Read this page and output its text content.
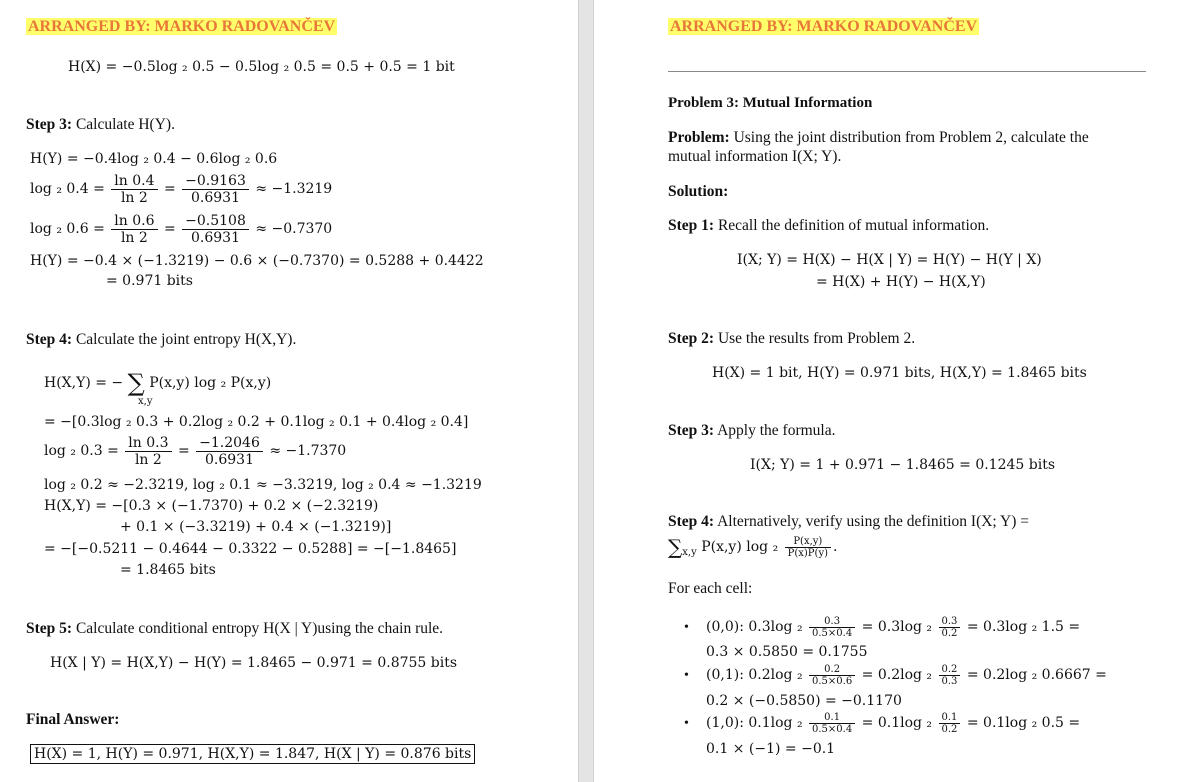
ARRANGED BY: MARKO RADOVANČEV
H(X) = −0.5log ₂ 0.5 − 0.5log ₂ 0.5 = 0.5 + 0.5 = 1 bit
Step 3: Calculate H(Y).
H(Y) = −0.4log ₂ 0.4 − 0.6log ₂ 0.6
log ₂ $0.4 = \frac{\ln 0.4}{\ln 2} = \frac{-0.9163}{0.6931} \approx -1.3219$
log ₂ $0.6 = \frac{\ln 0.6}{\ln 2} = \frac{-0.5108}{0.6931} \approx -0.7370$
H(Y) = −0.4 × (−1.3219) − 0.6 × (−0.7370) = 0.5288 + 0.4422
= 0.971 bits
Step 4: Calculate the joint entropy H(X,Y).
H(X,Y) = − ∑ P(x,y) log ₂ P(x,y)
x,y
= −[0.3log ₂ 0.3 + 0.2log ₂ 0.2 + 0.1log ₂ 0.1 + 0.4log ₂ 0.4]
log ₂ $0.3 = \frac{\ln 0.3}{\ln 2} = \frac{-1.2046}{0.6931} \approx -1.7370$
log ₂ 0.2 ≈ −2.3219, log ₂ 0.1 ≈ −3.3219, log ₂ 0.4 ≈ −1.3219
H(X,Y) = −[0.3 × (−1.7370) + 0.2 × (−2.3219)
+ 0.1 × (−3.3219) + 0.4 × (−1.3219)]
= −[−0.5211 − 0.4644 − 0.3322 − 0.5288] = −[−1.8465]
= 1.8465 bits
Step 5: Calculate conditional entropy H(X | Y)using the chain rule.
H(X | Y) = H(X,Y) − H(Y) = 1.8465 − 0.971 = 0.8755 bits
Final Answer:
H(X) = 1, H(Y) = 0.971, H(X,Y) = 1.847, H(X | Y) = 0.876 bits
ARRANGED BY: MARKO RADOVANČEV
Problem 3: Mutual Information
Problem: Using the joint distribution from Problem 2, calculate the
mutual information I(X; Y).
Solution:
Step 1: Recall the definition of mutual information.
I(X; Y) = H(X) − H(X | Y) = H(Y) − H(Y | X)
= H(X) + H(Y) − H(X,Y)
Step 2: Use the results from Problem 2.
H(X) = 1 bit, H(Y) = 0.971 bits, H(X,Y) = 1.8465 bits
Step 3: Apply the formula.
I(X; Y) = 1 + 0.971 − 1.8465 = 0.1245 bits
Step 4: Alternatively, verify using the definition I(X; Y) =
$\sum_{x,y}$ P(x,y) $\log _2 \frac{P(x,y)}{P(x)P(y)}$ .
For each cell:
• (0,0): 0.3log $_2 \frac{0.3}{0.5\times 0.4} = 0.3\log$ $_2 \frac{0.3}{0.2} = 0.3\log$ ₂ 1.5 =
0.3 × 0.5850 = 0.1755
• (0,1): 0.2log $_2 \frac{0.2}{0.5\times 0.6} = 0.2\log$ $_2 \frac{0.2}{0.3} = 0.2\log$ ₂ 0.6667 =
0.2 × (−0.5850) = −0.1170
• (1,0): 0.1log $_2 \frac{0.1}{0.5\times 0.4} = 0.1\log$ $_2 \frac{0.1}{0.2} = 0.1\log$ ₂ 0.5 =
0.1 × (−1) = −0.1
